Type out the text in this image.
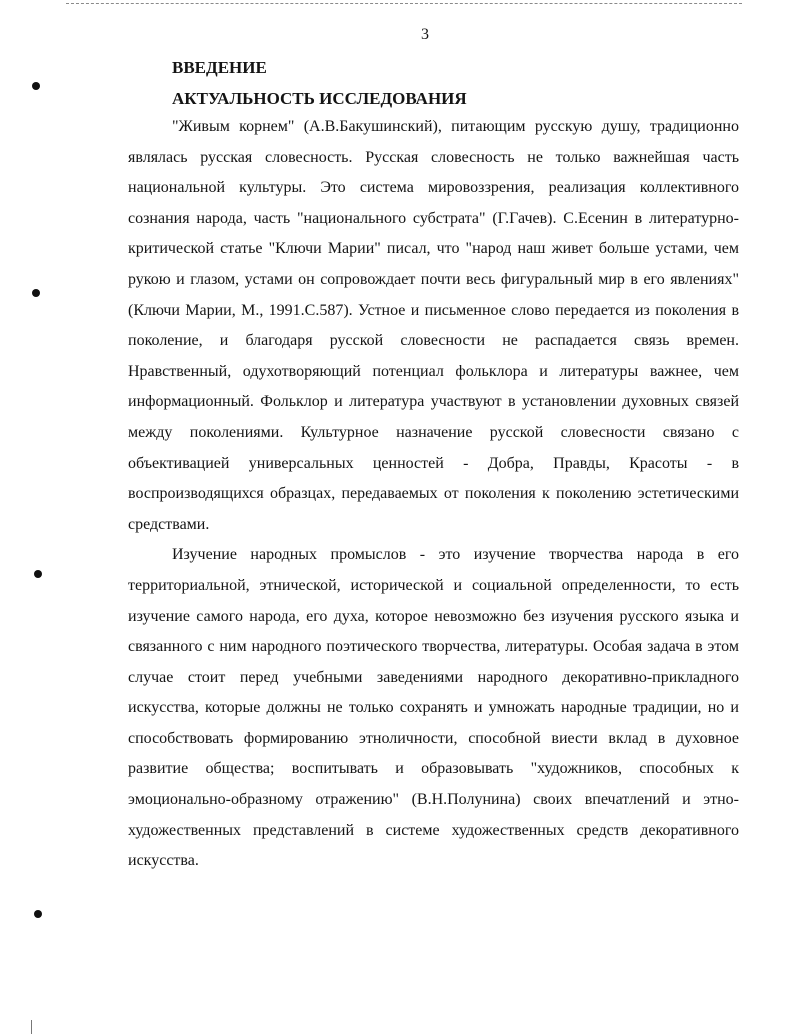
3

ВВЕДЕНИЕ

АКТУАЛЬНОСТЬ ИССЛЕДОВАНИЯ

"Живым корнем" (А.В.Бакушинский), питающим русскую душу, традиционно являлась русская словесность. Русская словесность не только важнейшая часть национальной культуры. Это система мировоззрения, реализация коллективного сознания народа, часть "национального субстрата" (Г.Гачев). С.Есенин в литературно-критической статье "Ключи Марии" писал, что "народ наш живет больше устами, чем рукою и глазом, устами он сопровождает почти весь фигуральный мир в его явлениях" (Ключи Марии, М., 1991.С.587). Устное и письменное слово передается из поколения в поколение, и благодаря русской словесности не распадается связь времен. Нравственный, одухотворяющий потенциал фольклора и литературы важнее, чем информационный. Фольклор и литература участвуют в установлении духовных связей между поколениями. Культурное назначение русской словесности связано с объективацией универсальных ценностей - Добра, Правды, Красоты - в воспроизводящихся образцах, передаваемых от поколения к поколению эстетическими средствами.

Изучение народных промыслов - это изучение творчества народа в его территориальной, этнической, исторической и социальной определенности, то есть изучение самого народа, его духа, которое невозможно без изучения русского языка и связанного с ним народного поэтического творчества, литературы. Особая задача в этом случае стоит перед учебными заведениями народного декоративно-прикладного искусства, которые должны не только сохранять и умножать народные традиции, но и способствовать формированию этноличности, способной виести вклад в духовное развитие общества; воспитывать и образовывать "художников, способных к эмоционально-образному отражению" (В.Н.Полунина) своих впечатлений и этно-художественных представлений в системе художественных средств декоративного искусства.
